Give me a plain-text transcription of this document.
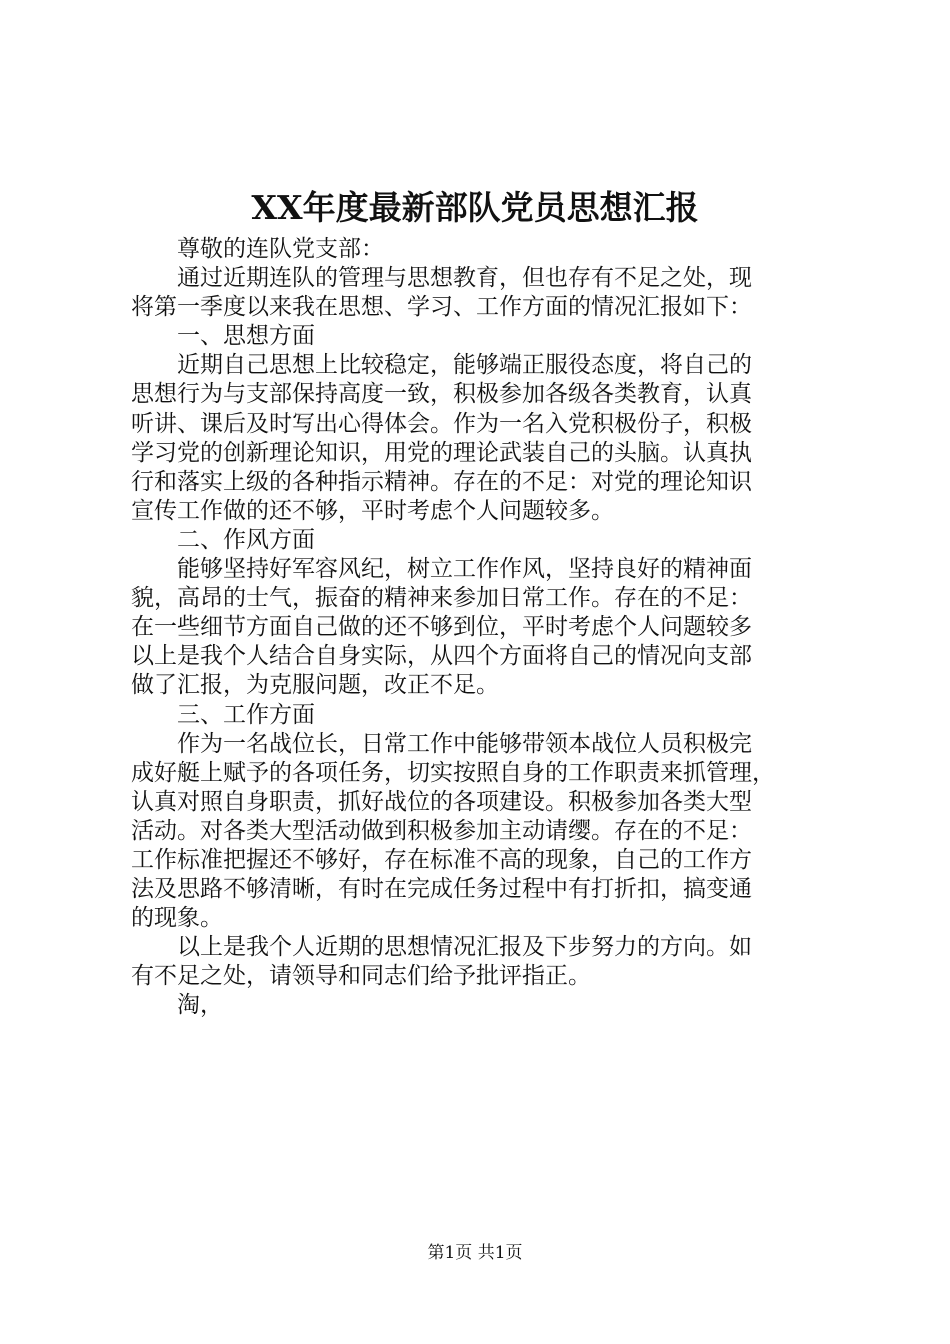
XX年度最新部队党员思想汇报

尊敬的连队党支部：

通过近期连队的管理与思想教育，但也存有不足之处，现
将第一季度以来我在思想、学习、工作方面的情况汇报如下：

一、思想方面

近期自己思想上比较稳定，能够端正服役态度，将自己的
思想行为与支部保持高度一致，积极参加各级各类教育，认真
听讲、课后及时写出心得体会。作为一名入党积极份子，积极
学习党的创新理论知识，用党的理论武装自己的头脑。认真执
行和落实上级的各种指示精神。存在的不足：对党的理论知识
宣传工作做的还不够，平时考虑个人问题较多。

二、作风方面

能够坚持好军容风纪，树立工作作风，坚持良好的精神面
貌，高昂的士气，振奋的精神来参加日常工作。存在的不足：
在一些细节方面自己做的还不够到位，平时考虑个人问题较多
以上是我个人结合自身实际，从四个方面将自己的情况向支部
做了汇报，为克服问题，改正不足。

三、工作方面

作为一名战位长，日常工作中能够带领本战位人员积极完
成好艇上赋予的各项任务，切实按照自身的工作职责来抓管理，
认真对照自身职责，抓好战位的各项建设。积极参加各类大型
活动。对各类大型活动做到积极参加主动请缨。存在的不足：
工作标准把握还不够好，存在标准不高的现象，自己的工作方
法及思路不够清晰，有时在完成任务过程中有打折扣，搞变通
的现象。

以上是我个人近期的思想情况汇报及下步努力的方向。如
有不足之处，请领导和同志们给予批评指正。

淘，

第1页 共1页
